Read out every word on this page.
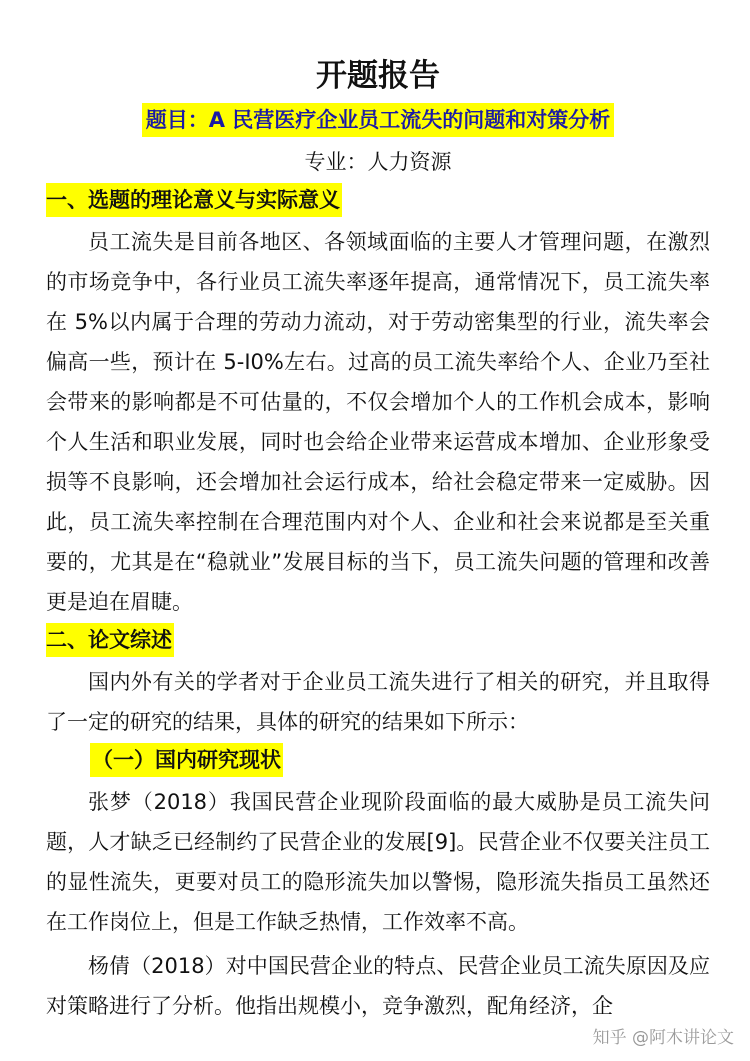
开题报告
题目：A 民营医疗企业员工流失的问题和对策分析
专业：人力资源
一、选题的理论意义与实际意义

员工流失是目前各地区、各领域面临的主要人才管理问题，在激烈的市场竞争中，各行业员工流失率逐年提高，通常情况下，员工流失率在 5%以内属于合理的劳动力流动，对于劳动密集型的行业，流失率会偏高一些，预计在 5-I0%左右。过高的员工流失率给个人、企业乃至社会带来的影响都是不可估量的，不仅会增加个人的工作机会成本，影响个人生活和职业发展，同时也会给企业带来运营成本增加、企业形象受损等不良影响，还会增加社会运行成本，给社会稳定带来一定威胁。因此，员工流失率控制在合理范围内对个人、企业和社会来说都是至关重要的，尤其是在“稳就业”发展目标的当下，员工流失问题的管理和改善更是迫在眉睫。

二、论文综述

国内外有关的学者对于企业员工流失进行了相关的研究，并且取得了一定的研究的结果，具体的研究的结果如下所示：

（一）国内研究现状

张梦（2018）我国民营企业现阶段面临的最大威胁是员工流失问题，人才缺乏已经制约了民营企业的发展[9]。民营企业不仅要关注员工的显性流失，更要对员工的隐形流失加以警惕，隐形流失指员工虽然还在工作岗位上，但是工作缺乏热情，工作效率不高。

杨倩（2018）对中国民营企业的特点、民营企业员工流失原因及应对策略进行了分析。他指出规模小，竞争激烈，配角经济，企

知乎 @阿木讲论文
